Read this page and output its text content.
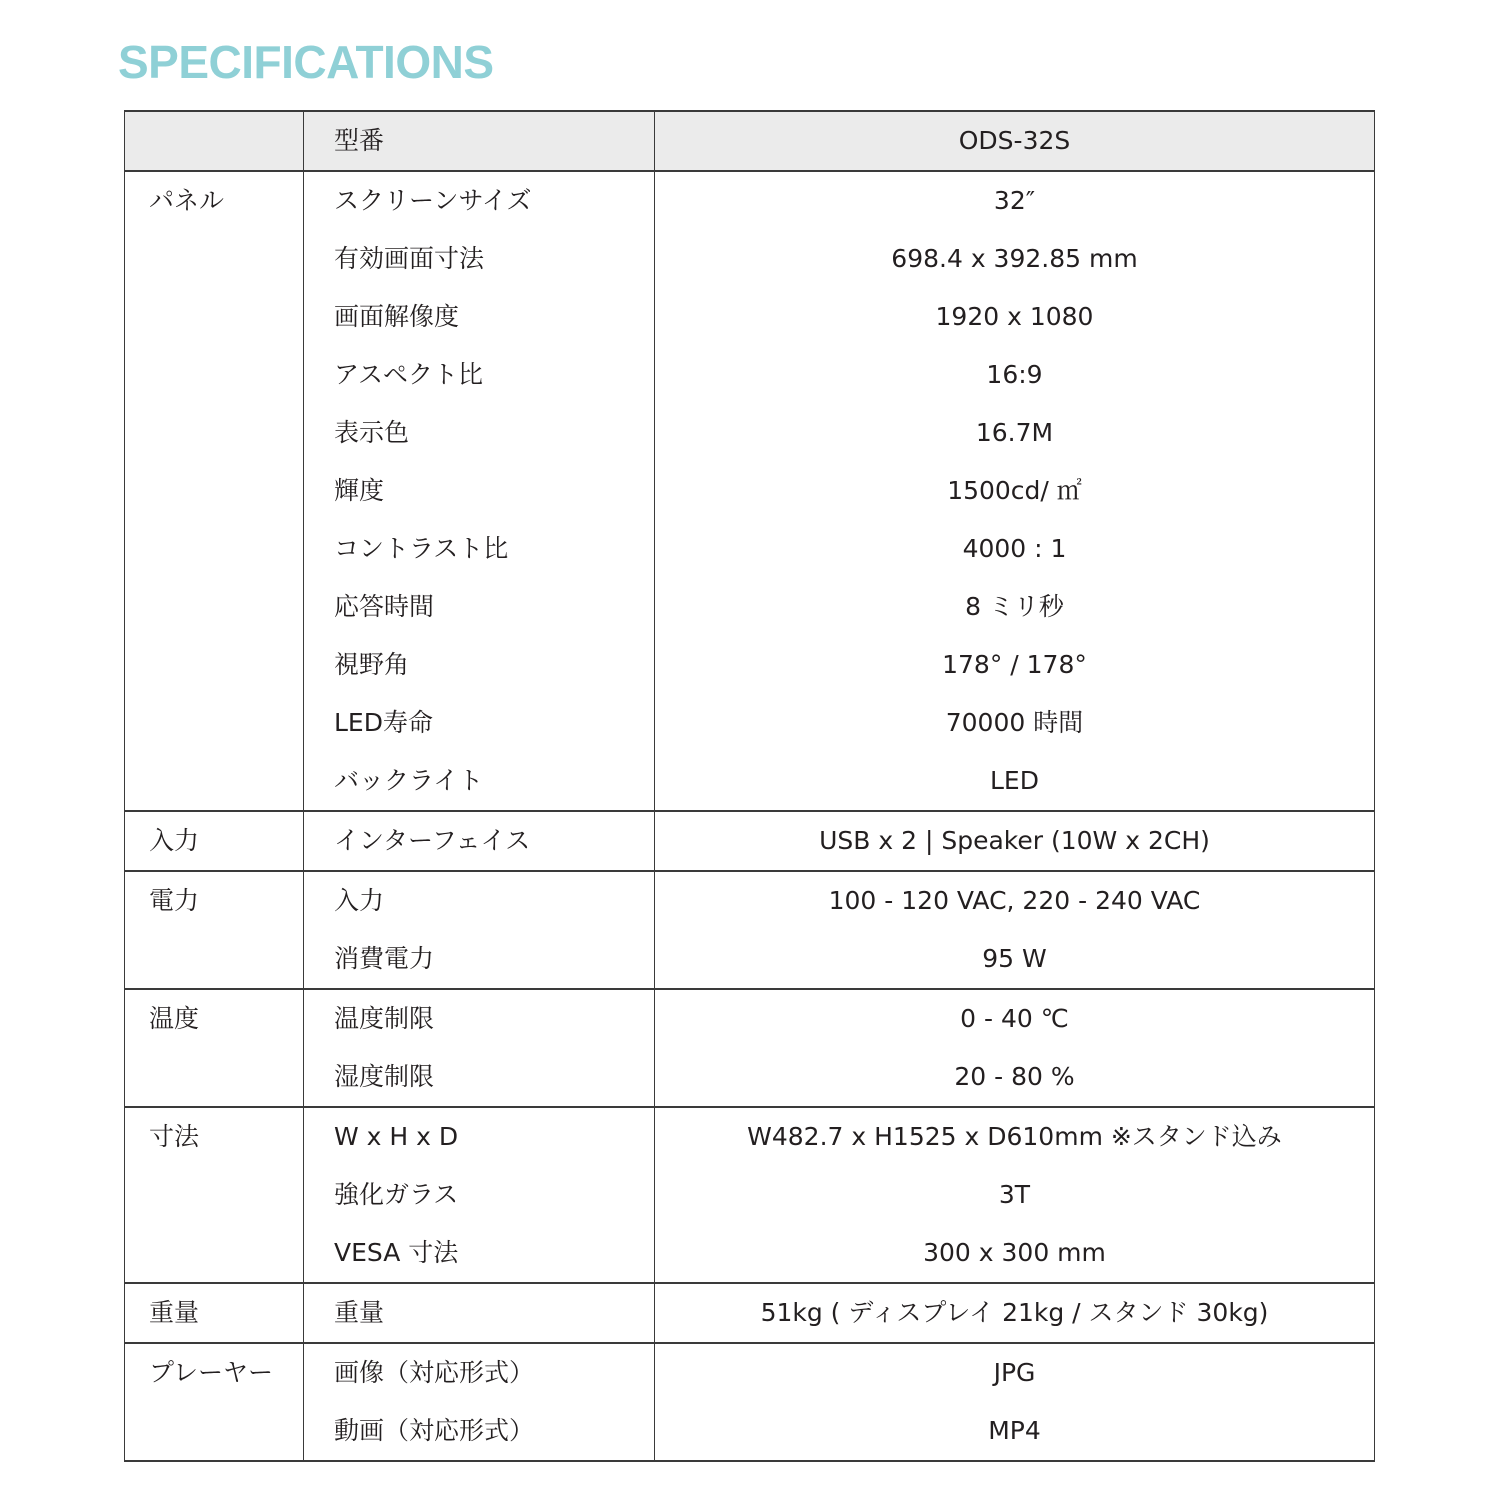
SPECIFICATIONS
	型番	ODS-32S
パネル	スクリーンサイズ	32″
	有効画面寸法	698.4 x 392.85 mm
	画面解像度	1920 x 1080
	アスペクト比	16:9
	表示色	16.7M
	輝度	1500cd/ ㎡
	コントラスト比	4000 : 1
	応答時間	8 ミリ秒
	視野角	178° / 178°
	LED寿命	70000 時間
	バックライト	LED
入力	インターフェイス	USB x 2 | Speaker (10W x 2CH)
電力	入力	100 - 120 VAC, 220 - 240 VAC
	消費電力	95 W
温度	温度制限	0 - 40 ℃
	湿度制限	20 - 80 %
寸法	W x H x D	W482.7 x H1525 x D610mm ※スタンド込み
	強化ガラス	3T
	VESA 寸法	300 x 300 mm
重量	重量	51kg ( ディスプレイ 21kg / スタンド 30kg)
プレーヤー	画像（対応形式）	JPG
	動画（対応形式）	MP4
